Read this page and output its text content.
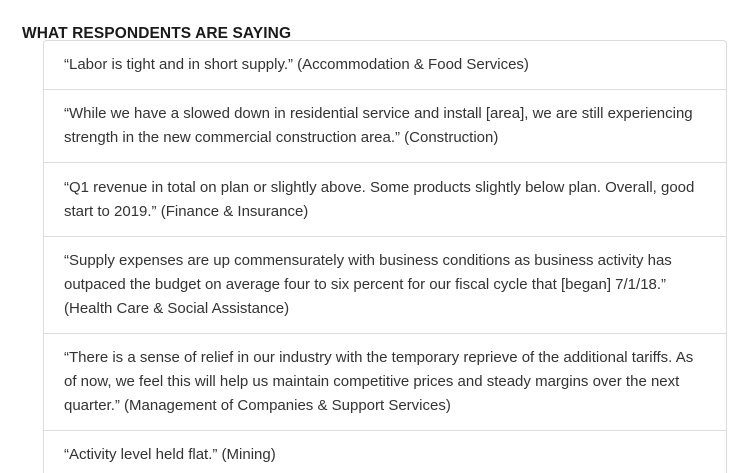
WHAT RESPONDENTS ARE SAYING
“Labor is tight and in short supply.” (Accommodation & Food Services)
“While we have a slowed down in residential service and install [area], we are still experiencing strength in the new commercial construction area.” (Construction)
“Q1 revenue in total on plan or slightly above. Some products slightly below plan. Overall, good start to 2019.” (Finance & Insurance)
“Supply expenses are up commensurately with business conditions as business activity has outpaced the budget on average four to six percent for our fiscal cycle that [began] 7/1/18.” (Health Care & Social Assistance)
“There is a sense of relief in our industry with the temporary reprieve of the additional tariffs. As of now, we feel this will help us maintain competitive prices and steady margins over the next quarter.” (Management of Companies & Support Services)
“Activity level held flat.” (Mining)
